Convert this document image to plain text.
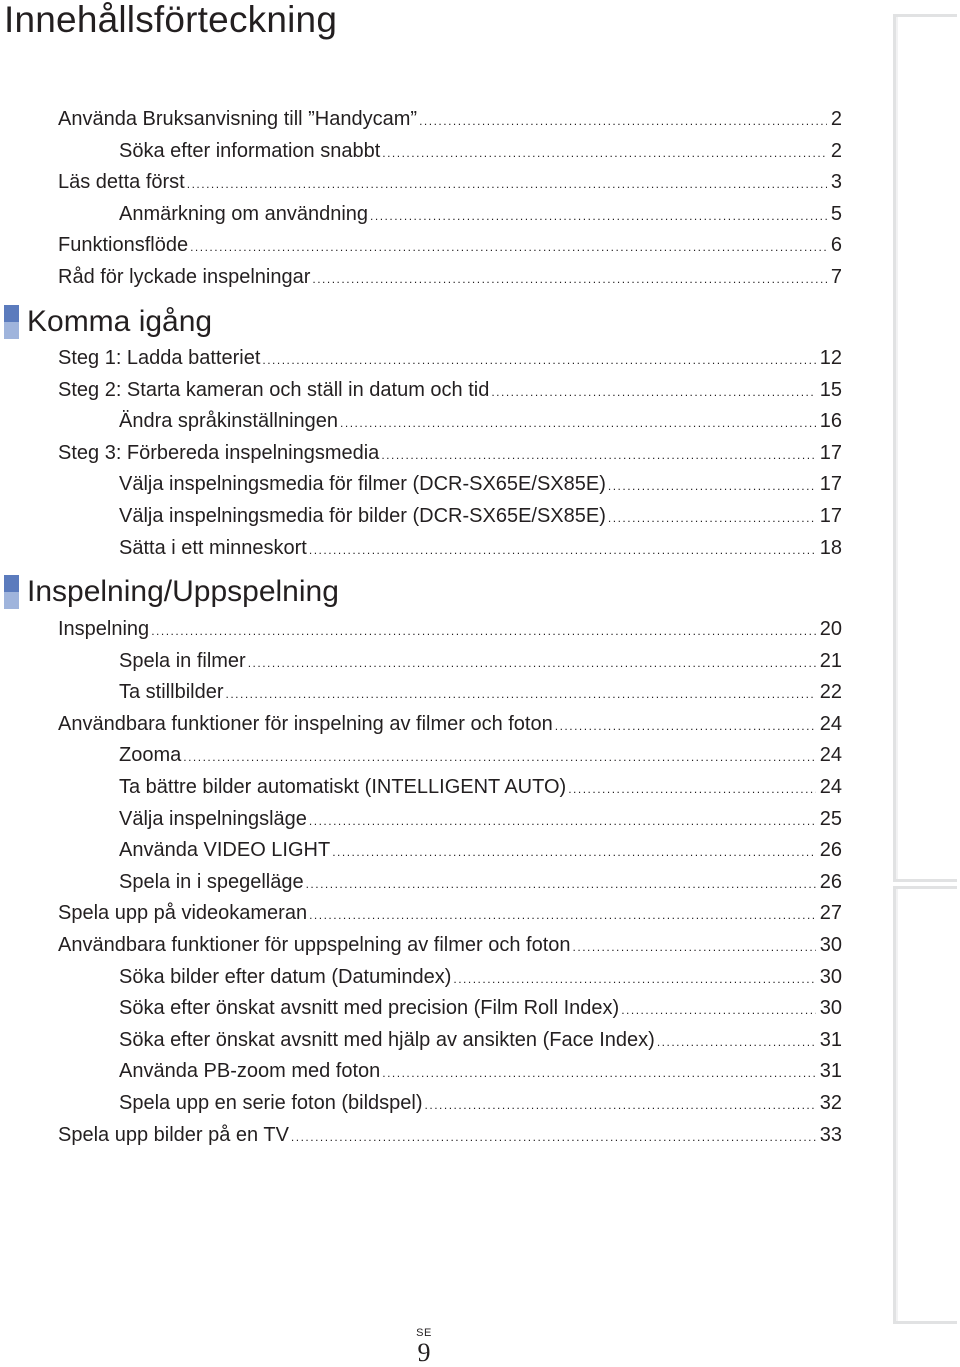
Innehållsförteckning
Använda Bruksanvisning till ”Handycam” .....	2
Söka efter information snabbt .....	2
Läs detta först .....	3
Anmärkning om användning .....	5
Funktionsflöde .....	6
Råd för lyckade inspelningar .....	7
Komma igång
Steg 1: Ladda batteriet .....	12
Steg 2: Starta kameran och ställ in datum och tid .....	15
Ändra språkinställningen .....	16
Steg 3: Förbereda inspelningsmedia .....	17
Välja inspelningsmedia för filmer (DCR-SX65E/SX85E) .....	17
Välja inspelningsmedia för bilder (DCR-SX65E/SX85E) .....	17
Sätta i ett minneskort .....	18
Inspelning/Uppspelning
Inspelning .....	20
Spela in filmer .....	21
Ta stillbilder .....	22
Användbara funktioner för inspelning av filmer och foton .....	24
Zooma .....	24
Ta bättre bilder automatiskt (INTELLIGENT AUTO) .....	24
Välja inspelningsläge .....	25
Använda VIDEO LIGHT .....	26
Spela in i spegelläge .....	26
Spela upp på videokameran .....	27
Användbara funktioner för uppspelning av filmer och foton .....	30
Söka bilder efter datum (Datumindex) .....	30
Söka efter önskat avsnitt med precision (Film Roll Index) .....	30
Söka efter önskat avsnitt med hjälp av ansikten (Face Index) .....	31
Använda PB-zoom med foton .....	31
Spela upp en serie foton (bildspel) .....	32
Spela upp bilder på en TV .....	33
SE
9
